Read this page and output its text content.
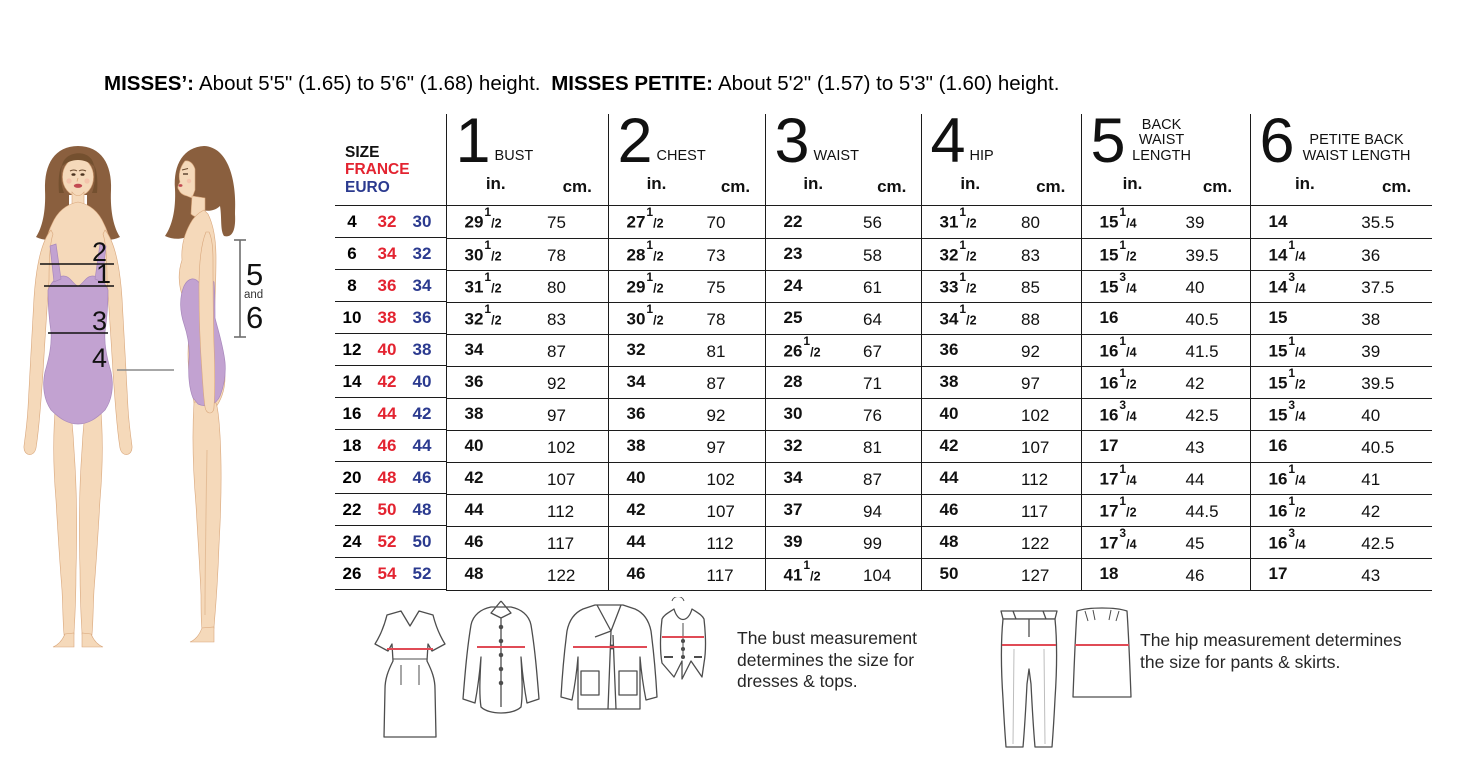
MISSES’: About 5'5" (1.65) to 5'6" (1.68) height. MISSES PETITE: About 5'2" (1.57) to 5'3" (1.60) height.
2
1
3
4
5
and
6
SIZE
FRANCE
EURO

1 BUST
in.	cm.

2 CHEST
in.	cm.

3 WAIST
in.	cm.

4 HIP
in.	cm.

5	BACK WAIST LENGTH
in.	cm.

6	PETITE BACK WAIST LENGTH
in.	cm.

4	32 30	$29^1/2$ 75	$27^1/2$ 70	22 56	$31^1/2$ 80	$15^1/4$ 39	14 35.5

6	34 32	$30^1/2$ 78	$28^1/2$ 73	23 58	$32^1/2$ 83	$15^1/2$ 39.5	$14^1/4$ 36

8	36 34	$31^1/2$ 80	$29^1/2$ 75	24 61	$33^1/2$ 85	$15^3/4$ 40	$14^3/4$ 37.5

10 38 36	$32^1/2$ 83	$30^1/2$ 78	25 64	$34^1/2$ 88	16 40.5	15 38

12 40 38	34 87	32 81	$26^1/2$ 67	36 92	$16^1/4$ 41.5	$15^1/4$ 39

14 42 40	36 92	34 87	28 71	38 97	$16^1/2$ 42	$15^1/2$ 39.5

16 44 42	38 97	36 92	30 76	40 102	$16^3/4$ 42.5	$15^3/4$ 40

18 46 44	40 102	38 97	32 81	42 107	17 43	16 40.5

20 48 46	42 107	40 102	34 87	44 112	$17^1/4$ 44	$16^1/4$ 41

22 50 48	44 112	42 107	37 94	46 117	$17^1/2$ 44.5	$16^1/2$ 42

24 52 50	46 117	44 112	39 99	48 122	$17^3/4$ 45	$16^3/4$ 42.5

26 54 52	48 122	46 117	$41^1/2$ 104	50 127	18 46	17 43
The bust measurement determines the size for dresses & tops.
The hip measurement determines the size for pants & skirts.
